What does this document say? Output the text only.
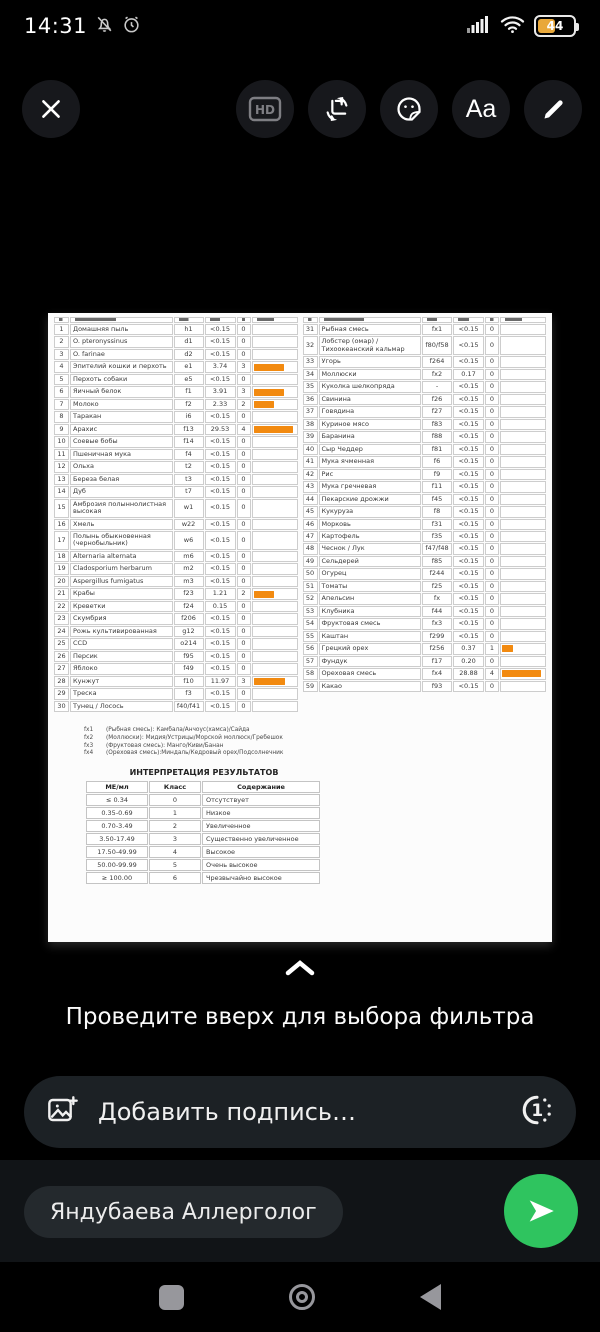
14:31	44
HD	Aa
1	Домашняя пыль	h1	<0.15	0
2	O. pteronyssinus	d1	<0.15	0
3	O. farinae	d2	<0.15	0
4	Эпителий кошки и перхоть	e1	3.74	3
5	Перхоть собаки	e5	<0.15	0
6	Яичный белок	f1	3.91	3
7	Молоко	f2	2.33	2
8	Таракан	i6	<0.15	0
9	Арахис	f13	29.53	4
10	Соевые бобы	f14	<0.15	0
11	Пшеничная мука	f4	<0.15	0
12	Ольха	t2	<0.15	0
13	Береза белая	t3	<0.15	0
14	Дуб	t7	<0.15	0
15	Амброзия полыннолистная высокая	w1	<0.15	0
16	Хмель	w22	<0.15	0
17	Полынь обыкновенная (чернобыльник)	w6	<0.15	0
18	Alternaria alternata	m6	<0.15	0
19	Cladosporium herbarum	m2	<0.15	0
20	Aspergillus fumigatus	m3	<0.15	0
21	Крабы	f23	1.21	2
22	Креветки	f24	0.15	0
23	Скумбрия	f206	<0.15	0
24	Рожь культивированная	g12	<0.15	0
25	CCD	o214	<0.15	0
26	Персик	f95	<0.15	0
27	Яблоко	f49	<0.15	0
28	Кунжут	f10	11.97	3
29	Треска	f3	<0.15	0
30	Тунец / Лосось	f40/f41	<0.15	0
31	Рыбная смесь	fx1	<0.15	0
32	Лобстер (омар) / Тихоокеанский кальмар	f80/f58	<0.15	0
33	Угорь	f264	<0.15	0
34	Моллюски	fx2	0.17	0
35	Куколка шелкопряда	-	<0.15	0
36	Свинина	f26	<0.15	0
37	Говядина	f27	<0.15	0
38	Куриное мясо	f83	<0.15	0
39	Баранина	f88	<0.15	0
40	Сыр Чеддер	f81	<0.15	0
41	Мука ячменная	f6	<0.15	0
42	Рис	f9	<0.15	0
43	Мука гречневая	f11	<0.15	0
44	Пекарские дрожжи	f45	<0.15	0
45	Кукуруза	f8	<0.15	0
46	Морковь	f31	<0.15	0
47	Картофель	f35	<0.15	0
48	Чеснок / Лук	f47/f48	<0.15	0
49	Сельдерей	f85	<0.15	0
50	Огурец	f244	<0.15	0
51	Томаты	f25	<0.15	0
52	Апельсин	fx	<0.15	0
53	Клубника	f44	<0.15	0
54	Фруктовая смесь	fx3	<0.15	0
55	Каштан	f299	<0.15	0
56	Грецкий орех	f256	0.37	1
57	Фундук	f17	0.20	0
58	Ореховая смесь	fx4	28.88	4
59	Какао	f93	<0.15	0
fx1	(Рыбная смесь): Камбала/Анчоус(хамса)/Сайда
fx2	(Моллюски): Мидия/Устрицы/Морской моллюск/Гребешок
fx3	(Фруктовая смесь): Манго/Киви/Банан
fx4	(Ореховая смесь):Миндаль/Кедровый орех/Подсолнечник
ИНТЕРПРЕТАЦИЯ РЕЗУЛЬТАТОВ
МЕ/мл	Класс	Содержание
≤ 0.34	0	Отсутствует
0.35-0.69	1	Низкое
0.70-3.49	2	Увеличенное
3.50-17.49	3	Существенно увеличенное
17.50-49.99	4	Высокое
50.00-99.99	5	Очень высокое
≥ 100.00	6	Чрезвычайно высокое
Проведите вверх для выбора фильтра
Добавить подпись…	1
Яндубаева Аллерголог
